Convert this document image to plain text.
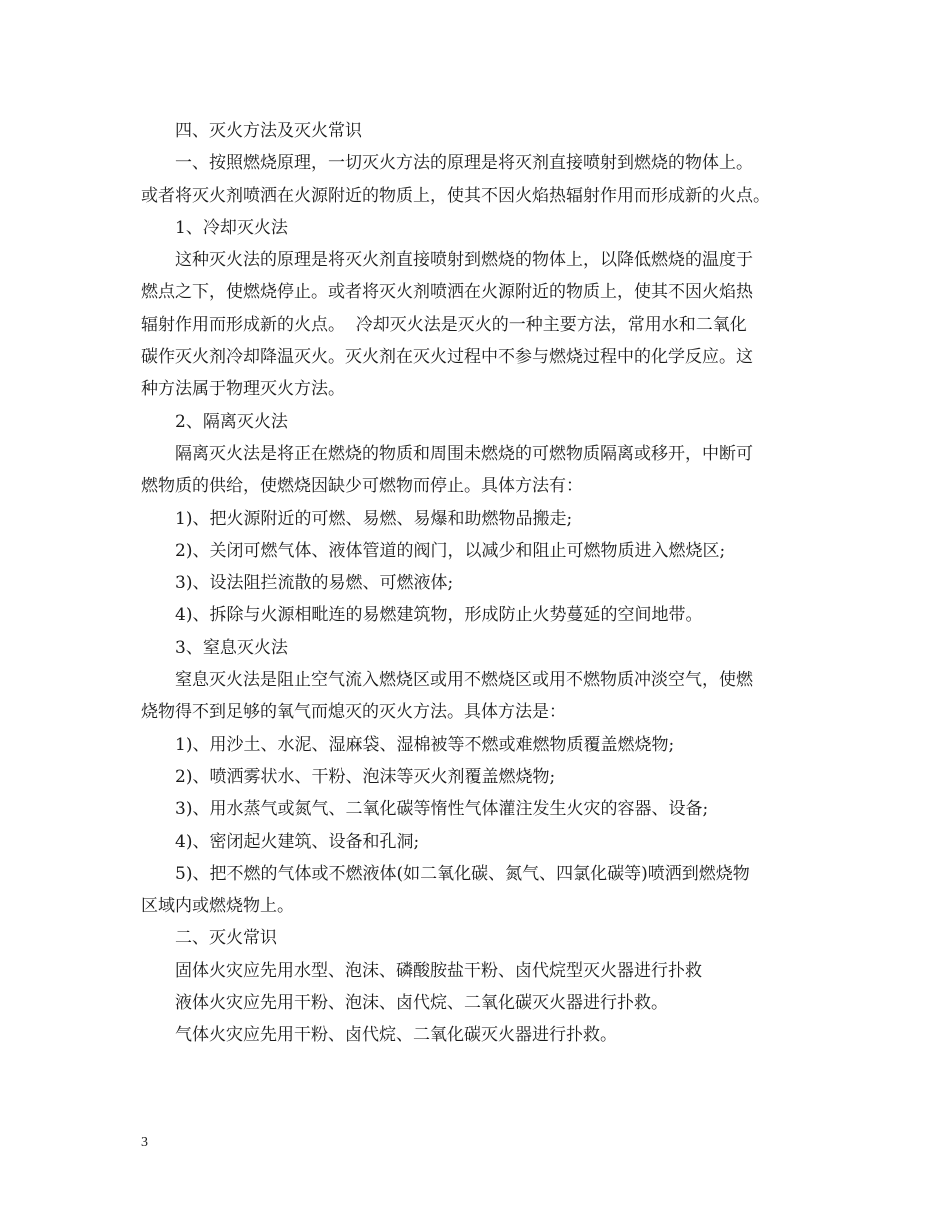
四、灭火方法及灭火常识
一、按照燃烧原理，一切灭火方法的原理是将灭剂直接喷射到燃烧的物体上。
或者将灭火剂喷洒在火源附近的物质上，使其不因火焰热辐射作用而形成新的火点。
1、冷却灭火法
这种灭火法的原理是将灭火剂直接喷射到燃烧的物体上，以降低燃烧的温度于
燃点之下，使燃烧停止。或者将灭火剂喷洒在火源附近的物质上，使其不因火焰热
辐射作用而形成新的火点。  冷却灭火法是灭火的一种主要方法，常用水和二氧化
碳作灭火剂冷却降温灭火。灭火剂在灭火过程中不参与燃烧过程中的化学反应。这
种方法属于物理灭火方法。
2、隔离灭火法
隔离灭火法是将正在燃烧的物质和周围未燃烧的可燃物质隔离或移开，中断可
燃物质的供给，使燃烧因缺少可燃物而停止。具体方法有：
1)、把火源附近的可燃、易燃、易爆和助燃物品搬走;
2)、关闭可燃气体、液体管道的阀门，以减少和阻止可燃物质进入燃烧区;
3)、设法阻拦流散的易燃、可燃液体;
4)、拆除与火源相毗连的易燃建筑物，形成防止火势蔓延的空间地带。
3、窒息灭火法
窒息灭火法是阻止空气流入燃烧区或用不燃烧区或用不燃物质冲淡空气，使燃
烧物得不到足够的氧气而熄灭的灭火方法。具体方法是：
1)、用沙土、水泥、湿麻袋、湿棉被等不燃或难燃物质覆盖燃烧物;
2)、喷洒雾状水、干粉、泡沫等灭火剂覆盖燃烧物;
3)、用水蒸气或氮气、二氧化碳等惰性气体灌注发生火灾的容器、设备;
4)、密闭起火建筑、设备和孔洞;
5)、把不燃的气体或不燃液体(如二氧化碳、氮气、四氯化碳等)喷洒到燃烧物
区域内或燃烧物上。
二、灭火常识
固体火灾应先用水型、泡沫、磷酸胺盐干粉、卤代烷型灭火器进行扑救
液体火灾应先用干粉、泡沫、卤代烷、二氧化碳灭火器进行扑救。
气体火灾应先用干粉、卤代烷、二氧化碳灭火器进行扑救。
3
